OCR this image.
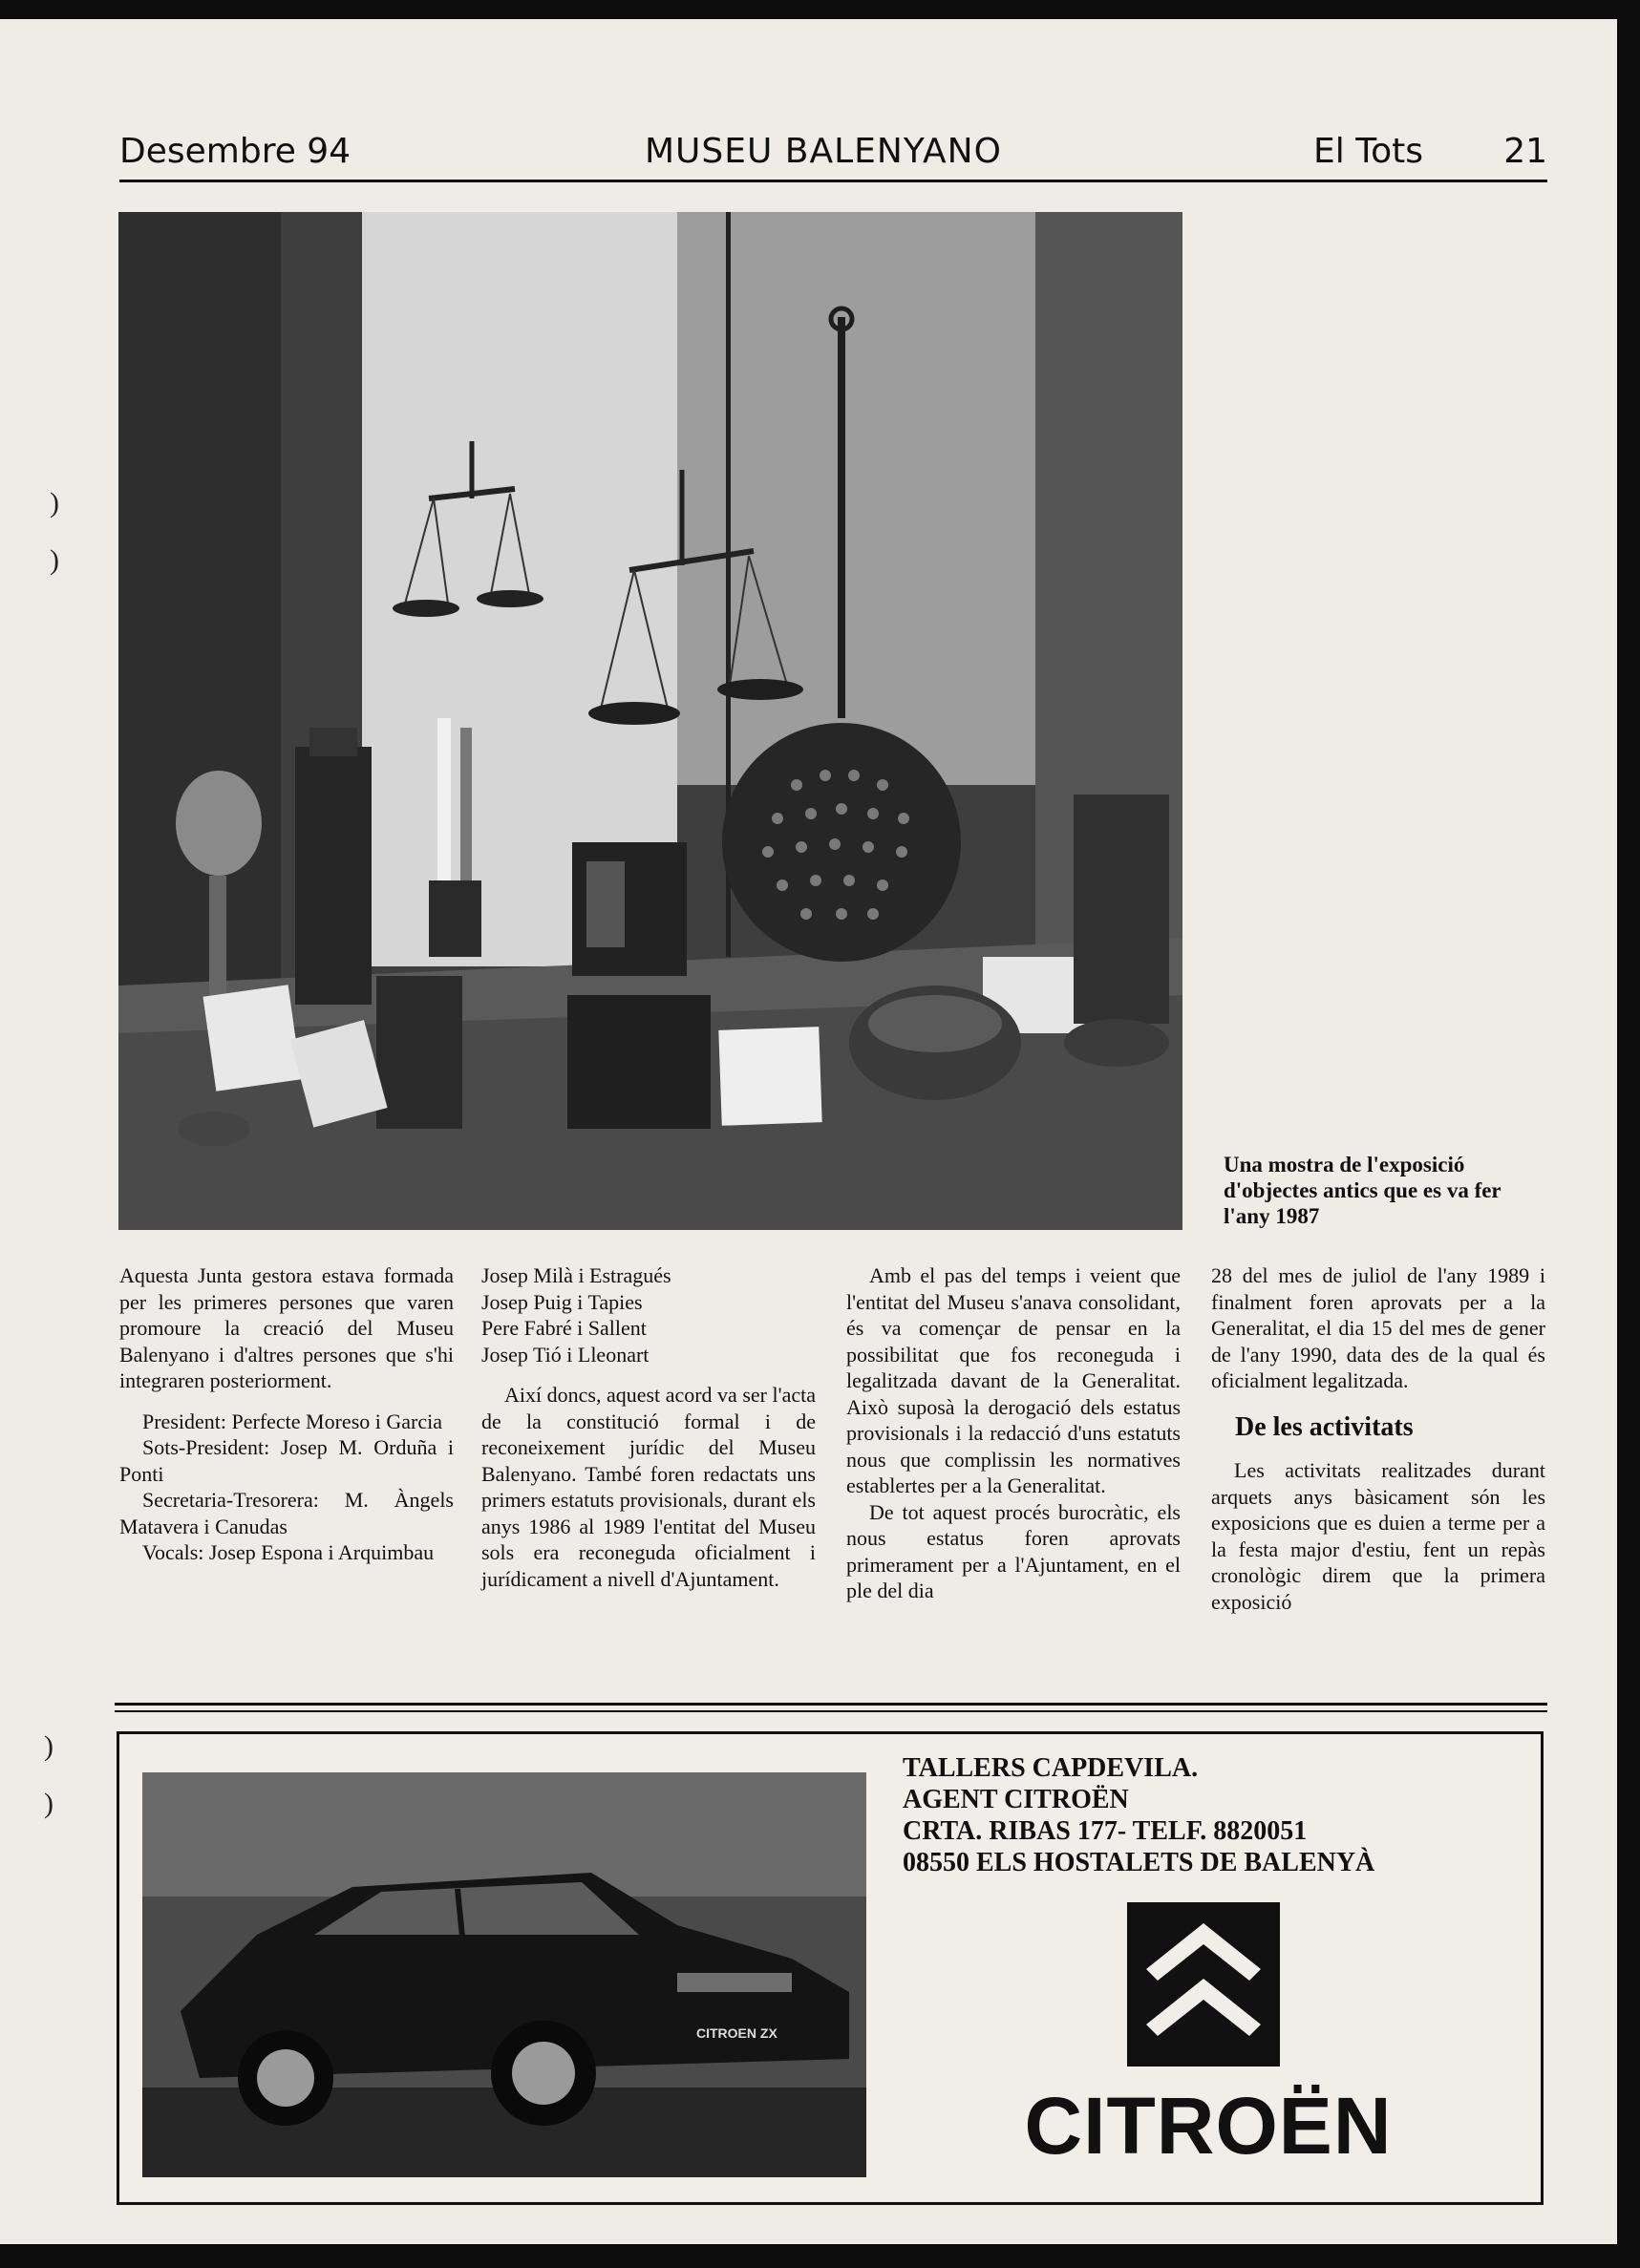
Desembre 94	MUSEU BALENYANO	El Tots 21
Una mostra de l'exposició d'objectes antics que es va fer l'any 1987

Aquesta Junta gestora estava formada per les primeres persones que varen promoure la creació del Museu Balenyano i d'altres persones que s'hi integraren posteriorment.

President: Perfecte Moreso i Garcia

Sots-President: Josep M. Orduña i Ponti

Secretaria-Tresorera: M. Àngels Matavera i Canudas

Vocals: Josep Espona i Arquimbau

Josep Milà i Estragués
Josep Puig i Tapies
Pere Fabré i Sallent
Josep Tió i Lleonart

Així doncs, aquest acord va ser l'acta de la constitució formal i de reconeixement jurídic del Museu Balenyano. També foren redactats uns primers estatuts provisionals, durant els anys 1986 al 1989 l'entitat del Museu sols era reconeguda oficialment i jurídicament a nivell d'Ajuntament.

Amb el pas del temps i veient que l'entitat del Museu s'anava consolidant, és va començar de pensar en la possibilitat que fos reconeguda i legalitzada davant de la Generalitat. Això suposà la derogació dels estatus provisionals i la redacció d'uns estatuts nous que complissin les normatives establertes per a la Generalitat.

De tot aquest procés burocràtic, els nous estatus foren aprovats primerament per a l'Ajuntament, en el ple del dia

28 del mes de juliol de l'any 1989 i finalment foren aprovats per a la Generalitat, el dia 15 del mes de gener de l'any 1990, data des de la qual és oficialment legalitzada.

De les activitats

Les activitats realitzades durant arquets anys bàsicament són les exposicions que es duien a terme per a la festa major d'estiu, fent un repàs cronològic direm que la primera exposició

CITROEN ZX
TALLERS CAPDEVILA.
AGENT CITROËN
CRTA. RIBAS 177- TELF. 8820051
08550 ELS HOSTALETS DE BALENYÀ
CITROËN
)
)
)
)
